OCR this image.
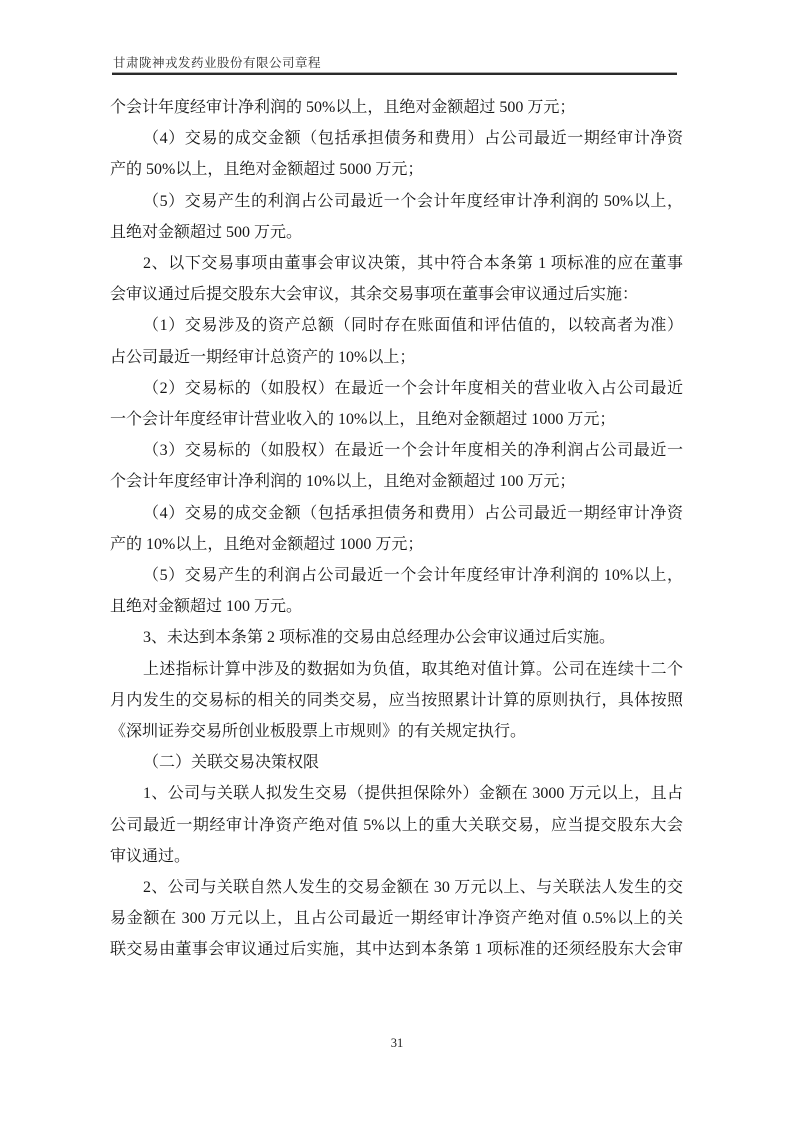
甘肃陇神戎发药业股份有限公司章程
个会计年度经审计净利润的 50%以上，且绝对金额超过 500 万元；
（4）交易的成交金额（包括承担债务和费用）占公司最近一期经审计净资
产的 50%以上，且绝对金额超过 5000 万元；
（5）交易产生的利润占公司最近一个会计年度经审计净利润的 50%以上，
且绝对金额超过 500 万元。
2、以下交易事项由董事会审议决策，其中符合本条第 1 项标准的应在董事
会审议通过后提交股东大会审议，其余交易事项在董事会审议通过后实施：
（1）交易涉及的资产总额（同时存在账面值和评估值的，以较高者为准）
占公司最近一期经审计总资产的 10%以上；
（2）交易标的（如股权）在最近一个会计年度相关的营业收入占公司最近
一个会计年度经审计营业收入的 10%以上，且绝对金额超过 1000 万元；
（3）交易标的（如股权）在最近一个会计年度相关的净利润占公司最近一
个会计年度经审计净利润的 10%以上，且绝对金额超过 100 万元；
（4）交易的成交金额（包括承担债务和费用）占公司最近一期经审计净资
产的 10%以上，且绝对金额超过 1000 万元；
（5）交易产生的利润占公司最近一个会计年度经审计净利润的 10%以上，
且绝对金额超过 100 万元。
3、未达到本条第 2 项标准的交易由总经理办公会审议通过后实施。
上述指标计算中涉及的数据如为负值，取其绝对值计算。公司在连续十二个
月内发生的交易标的相关的同类交易，应当按照累计计算的原则执行，具体按照
《深圳证券交易所创业板股票上市规则》的有关规定执行。
（二）关联交易决策权限
1、公司与关联人拟发生交易（提供担保除外）金额在 3000 万元以上，且占
公司最近一期经审计净资产绝对值 5%以上的重大关联交易，应当提交股东大会
审议通过。
2、公司与关联自然人发生的交易金额在 30 万元以上、与关联法人发生的交
易金额在 300 万元以上，且占公司最近一期经审计净资产绝对值 0.5%以上的关
联交易由董事会审议通过后实施，其中达到本条第 1 项标准的还须经股东大会审
31
